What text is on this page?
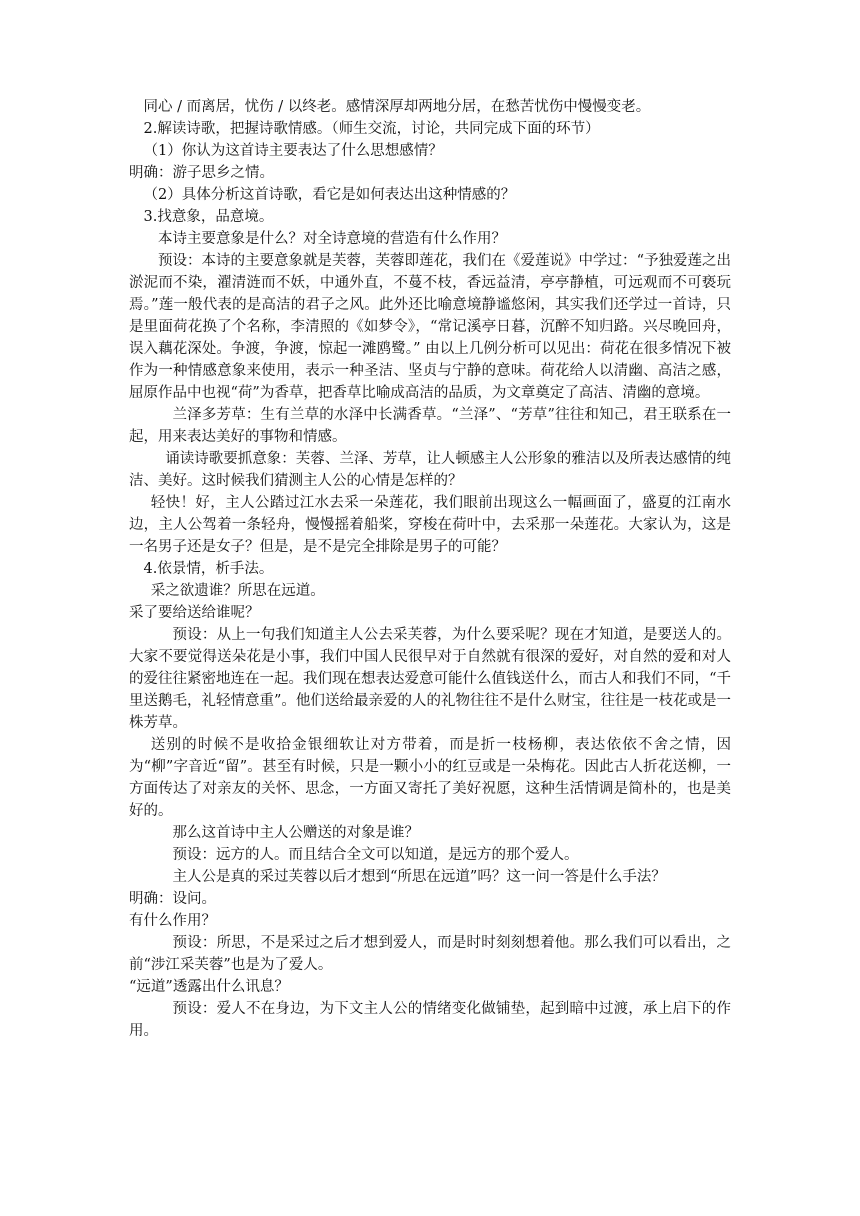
同心 / 而离居，忧伤 / 以终老。感情深厚却两地分居，在愁苦忧伤中慢慢变老。

2.解读诗歌，把握诗歌情感。（师生交流，讨论，共同完成下面的环节）

（1）你认为这首诗主要表达了什么思想感情？

明确：游子思乡之情。

（2）具体分析这首诗歌，看它是如何表达出这种情感的？

3.找意象，品意境。

本诗主要意象是什么？对全诗意境的营造有什么作用？

预设：本诗的主要意象就是芙蓉，芙蓉即莲花，我们在《爱莲说》中学过：“予独爱莲之出淤泥而不染，濯清涟而不妖，中通外直，不蔓不枝，香远益清，亭亭静植，可远观而不可亵玩焉。”莲一般代表的是高洁的君子之风。此外还比喻意境静谧悠闲，其实我们还学过一首诗，只是里面荷花换了个名称，李清照的《如梦令》，“常记溪亭日暮，沉醉不知归路。兴尽晚回舟，误入藕花深处。争渡，争渡，惊起一滩鸥鹭。” 由以上几例分析可以见出：荷花在很多情况下被作为一种情感意象来使用，表示一种圣洁、坚贞与宁静的意味。荷花给人以清幽、高洁之感，屈原作品中也视“荷”为香草，把香草比喻成高洁的品质，为文章奠定了高洁、清幽的意境。

兰泽多芳草：生有兰草的水泽中长满香草。“兰泽”、“芳草”往往和知己，君王联系在一起，用来表达美好的事物和情感。

诵读诗歌要抓意象：芙蓉、兰泽、芳草，让人顿感主人公形象的雅洁以及所表达感情的纯洁、美好。这时候我们猜测主人公的心情是怎样的？

轻快！好，主人公踏过江水去采一朵莲花，我们眼前出现这么一幅画面了，盛夏的江南水边，主人公驾着一条轻舟，慢慢摇着船桨，穿梭在荷叶中，去采那一朵莲花。大家认为，这是一名男子还是女子？但是，是不是完全排除是男子的可能？

4.依景情，析手法。

采之欲遗谁？所思在远道。

采了要给送给谁呢？

预设：从上一句我们知道主人公去采芙蓉，为什么要采呢？现在才知道，是要送人的。大家不要觉得送朵花是小事，我们中国人民很早对于自然就有很深的爱好，对自然的爱和对人的爱往往紧密地连在一起。我们现在想表达爱意可能什么值钱送什么，而古人和我们不同，“千里送鹅毛，礼轻情意重”。他们送给最亲爱的人的礼物往往不是什么财宝，往往是一枝花或是一株芳草。

送别的时候不是收拾金银细软让对方带着，而是折一枝杨柳，表达依依不舍之情，因为“柳”字音近“留”。甚至有时候，只是一颗小小的红豆或是一朵梅花。因此古人折花送柳，一方面传达了对亲友的关怀、思念，一方面又寄托了美好祝愿，这种生活情调是简朴的，也是美好的。

那么这首诗中主人公赠送的对象是谁？

预设：远方的人。而且结合全文可以知道，是远方的那个爱人。

主人公是真的采过芙蓉以后才想到“所思在远道”吗？这一问一答是什么手法？

明确：设问。

有什么作用？

预设：所思，不是采过之后才想到爱人，而是时时刻刻想着他。那么我们可以看出，之前“涉江采芙蓉”也是为了爱人。

“远道”透露出什么讯息？

预设：爱人不在身边，为下文主人公的情绪变化做铺垫，起到暗中过渡，承上启下的作用。
